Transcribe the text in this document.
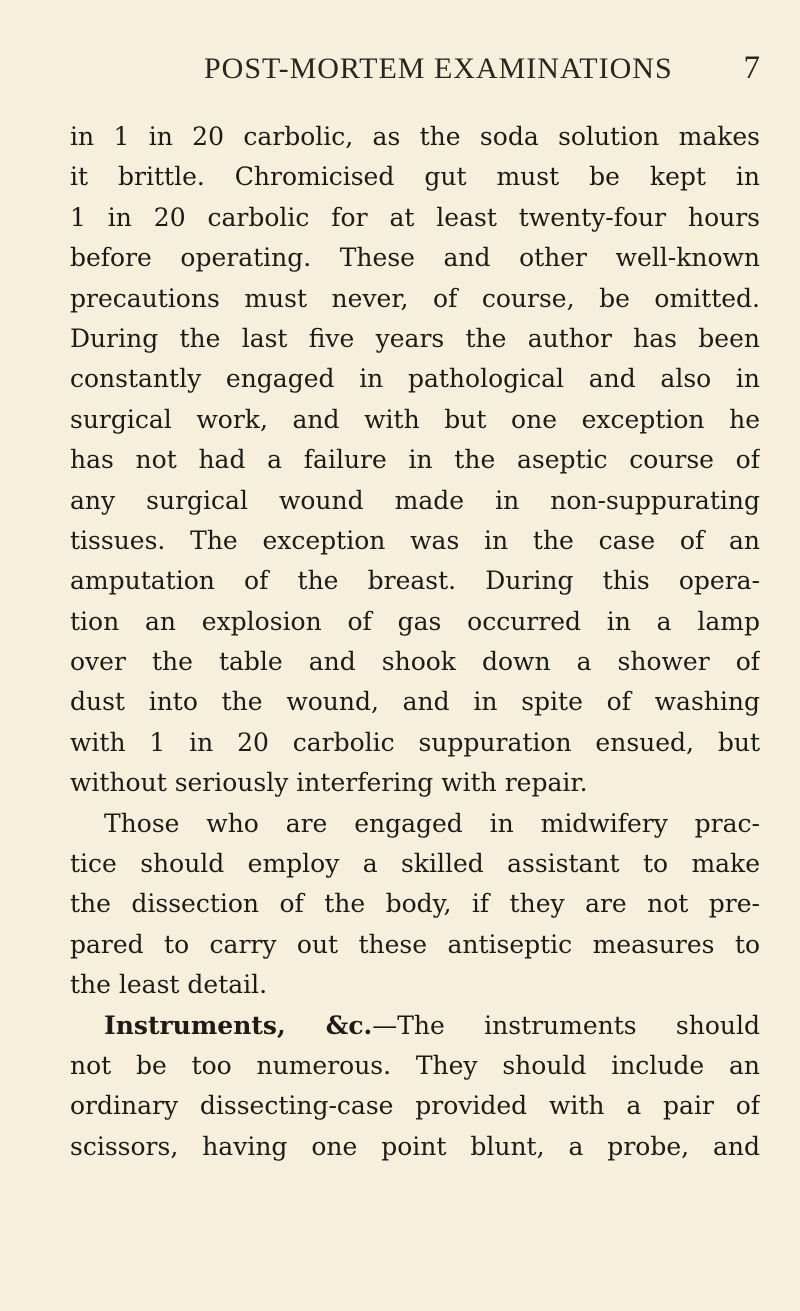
POST-MORTEM EXAMINATIONS 7
in 1 in 20 carbolic, as the soda solution makes
it brittle. Chromicised gut must be kept in
1 in 20 carbolic for at least twenty-four hours
before operating. These and other well-known
precautions must never, of course, be omitted.
During the last five years the author has been
constantly engaged in pathological and also in
surgical work, and with but one exception he
has not had a failure in the aseptic course of
any surgical wound made in non-suppurating
tissues. The exception was in the case of an
amputation of the breast. During this opera-
tion an explosion of gas occurred in a lamp
over the table and shook down a shower of
dust into the wound, and in spite of washing
with 1 in 20 carbolic suppuration ensued, but
without seriously interfering with repair.
Those who are engaged in midwifery prac-
tice should employ a skilled assistant to make
the dissection of the body, if they are not pre-
pared to carry out these antiseptic measures to
the least detail.
Instruments, &c.—The instruments should
not be too numerous. They should include an
ordinary dissecting-case provided with a pair of
scissors, having one point blunt, a probe, and
